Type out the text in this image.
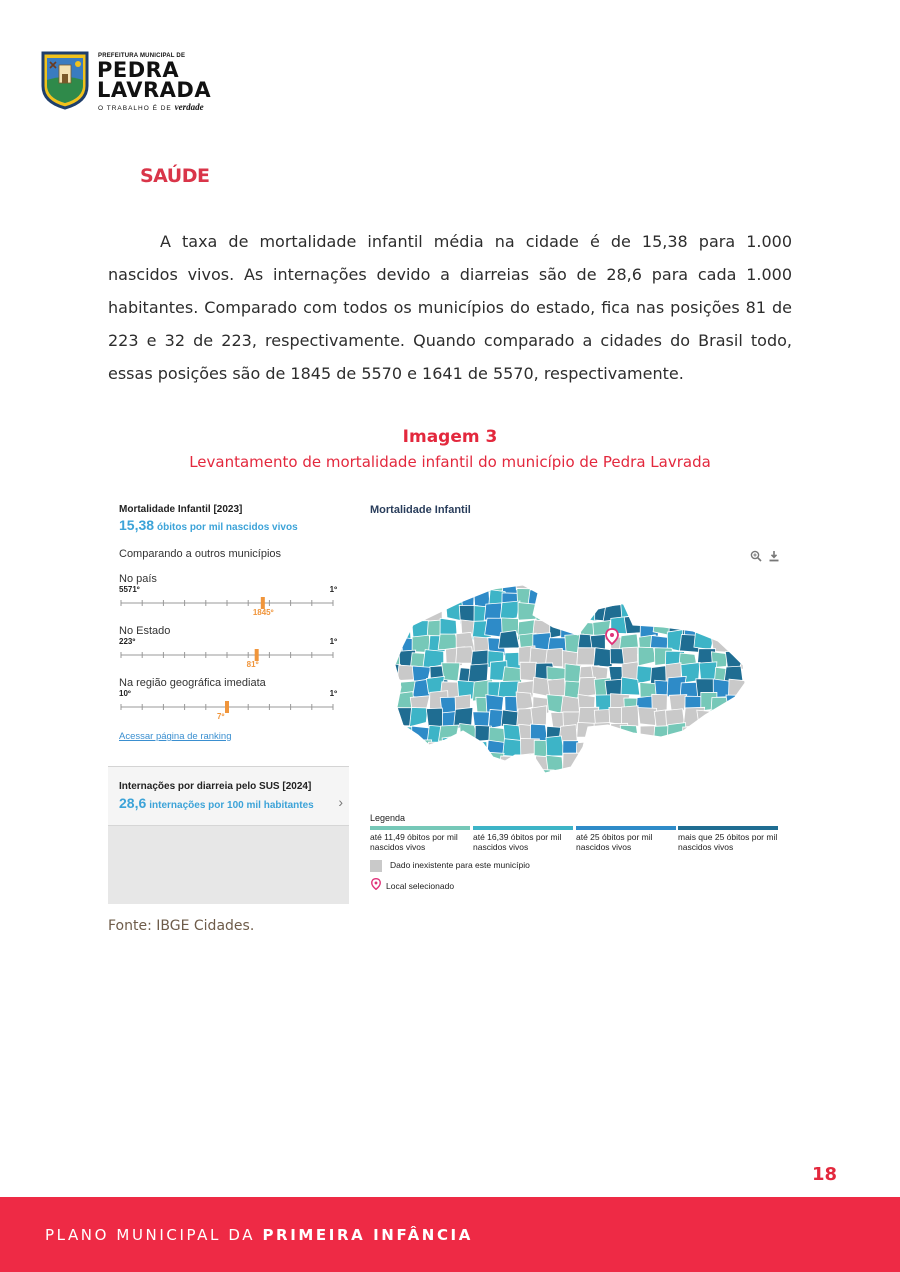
PREFEITURA MUNICIPAL DE
PEDRA
LAVRADA
O TRABALHO É DE verdade
SAÚDE

A taxa de mortalidade infantil média na cidade é de 15,38 para 1.000 nascidos vivos. As internações devido a diarreias são de 28,6 para cada 1.000 habitantes. Comparado com todos os municípios do estado, fica nas posições 81 de 223 e 32 de 223, respectivamente. Quando comparado a cidades do Brasil todo, essas posições são de 1845 de 5570 e 1641 de 5570, respectivamente.

Imagem 3
Levantamento de mortalidade infantil do município de Pedra Lavrada
Mortalidade Infantil [2023]
15,38 óbitos por mil nascidos vivos
Comparando a outros municípios
No país
5571º	1º
1845º
No Estado
223º	1º
81º
Na região geográfica imediata
10º	1º
7º
Acessar página de ranking
Internações por diarreia pelo SUS [2024]
28,6 internações por 100 mil habitantes ›
Mortalidade Infantil
Legenda
até 11,49 óbitos por mil nascidos vivos
até 16,39 óbitos por mil nascidos vivos
até 25 óbitos por mil nascidos vivos
mais que 25 óbitos por mil nascidos vivos
Dado inexistente para este município
Local selecionado
Fonte: IBGE Cidades.
18
PLANO MUNICIPAL DA PRIMEIRA INFÂNCIA
